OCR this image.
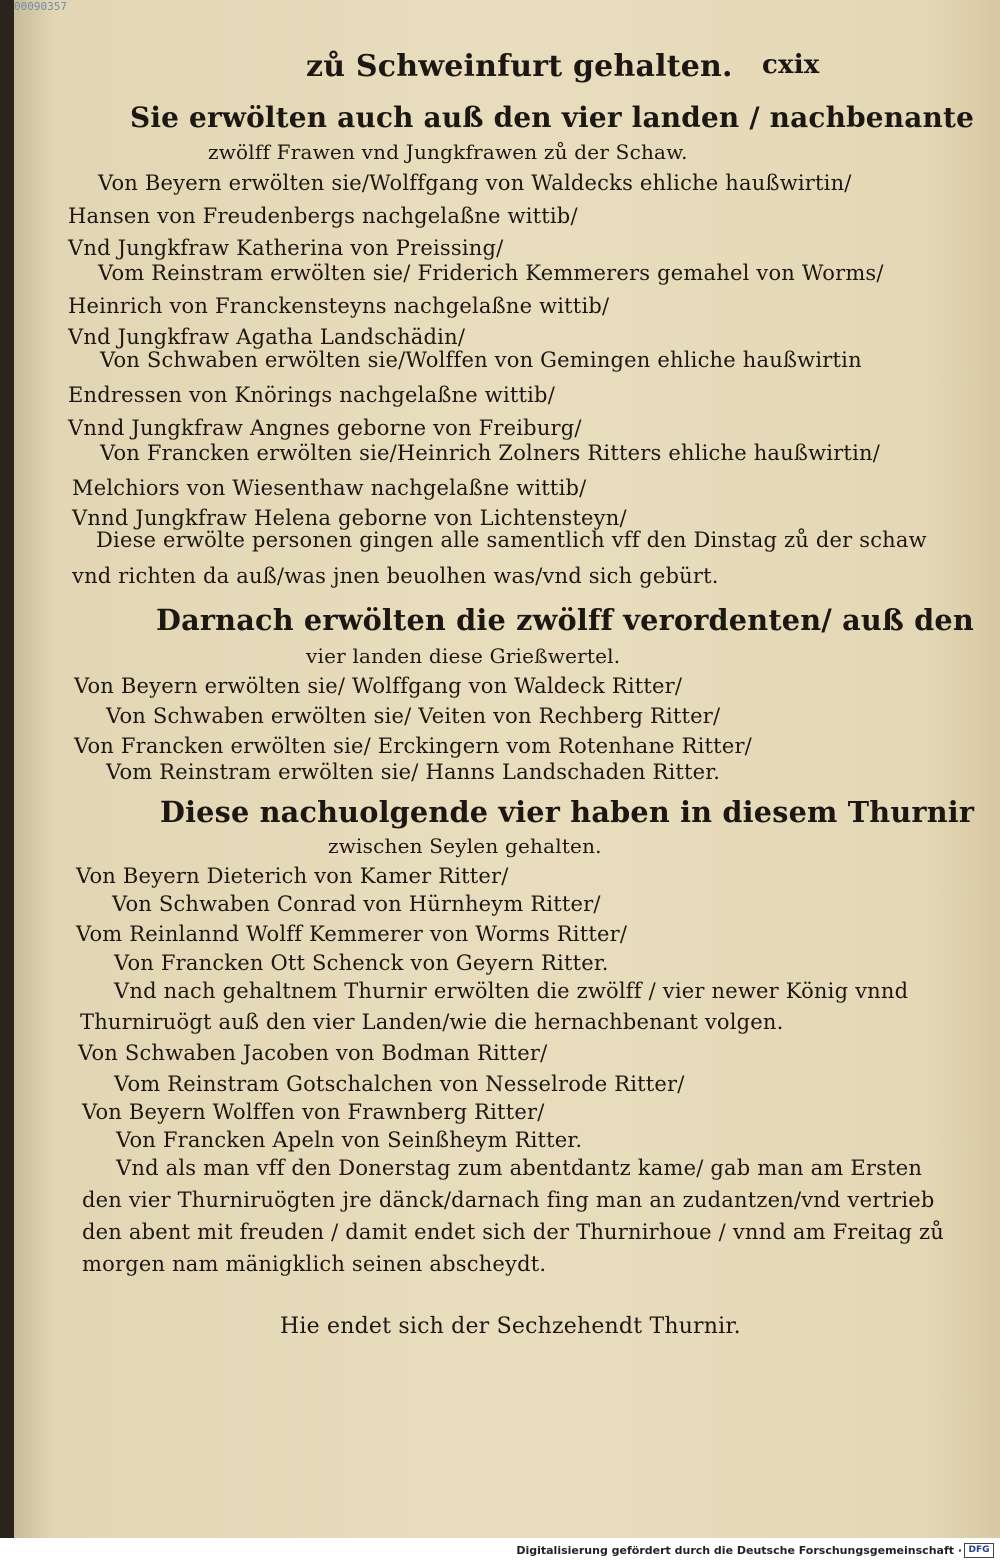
00090357
zů Schweinfurt gehalten. cxix
Sie erwölten auch auß den vier landen / nachbenante
zwölff Frawen vnd Jungkfrawen zů der Schaw.
Von Beyern erwölten sie/Wolffgang von Waldecks ehliche haußwirtin/
Hansen von Freudenbergs nachgelaßne wittib/
Vnd Jungkfraw Katherina von Preissing/
Vom Reinstram erwölten sie/ Friderich Kemmerers gemahel von Worms/
Heinrich von Franckensteyns nachgelaßne wittib/
Vnd Jungkfraw Agatha Landschädin/
Von Schwaben erwölten sie/Wolffen von Gemingen ehliche haußwirtin
Endressen von Knörings nachgelaßne wittib/
Vnnd Jungkfraw Angnes geborne von Freiburg/
Von Francken erwölten sie/Heinrich Zolners Ritters ehliche haußwirtin/
Melchiors von Wiesenthaw nachgelaßne wittib/
Vnnd Jungkfraw Helena geborne von Lichtensteyn/
Diese erwölte personen gingen alle samentlich vff den Dinstag zů der schaw
vnd richten da auß/was jnen beuolhen was/vnd sich gebürt.
Darnach erwölten die zwölff verordenten/ auß den
vier landen diese Grießwertel.
Von Beyern erwölten sie/ Wolffgang von Waldeck Ritter/
Von Schwaben erwölten sie/ Veiten von Rechberg Ritter/
Von Francken erwölten sie/ Erckingern vom Rotenhane Ritter/
Vom Reinstram erwölten sie/ Hanns Landschaden Ritter.
Diese nachuolgende vier haben in diesem Thurnir
zwischen Seylen gehalten.
Von Beyern Dieterich von Kamer Ritter/
Von Schwaben Conrad von Hürnheym Ritter/
Vom Reinlannd Wolff Kemmerer von Worms Ritter/
Von Francken Ott Schenck von Geyern Ritter.
Vnd nach gehaltnem Thurnir erwölten die zwölff / vier newer König vnnd
Thurniruögt auß den vier Landen/wie die hernachbenant volgen.
Von Schwaben Jacoben von Bodman Ritter/
Vom Reinstram Gotschalchen von Nesselrode Ritter/
Von Beyern Wolffen von Frawnberg Ritter/
Von Francken Apeln von Seinßheym Ritter.
Vnd als man vff den Donerstag zum abentdantz kame/ gab man am Ersten
den vier Thurniruögten jre dänck/darnach fing man an zudantzen/vnd vertrieb
den abent mit freuden / damit endet sich der Thurnirhoue / vnnd am Freitag zů
morgen nam mänigklich seinen abscheydt.
Hie endet sich der Sechzehendt Thurnir.
Digitalisierung gefördert durch die Deutsche Forschungsgemeinschaft · DFG
